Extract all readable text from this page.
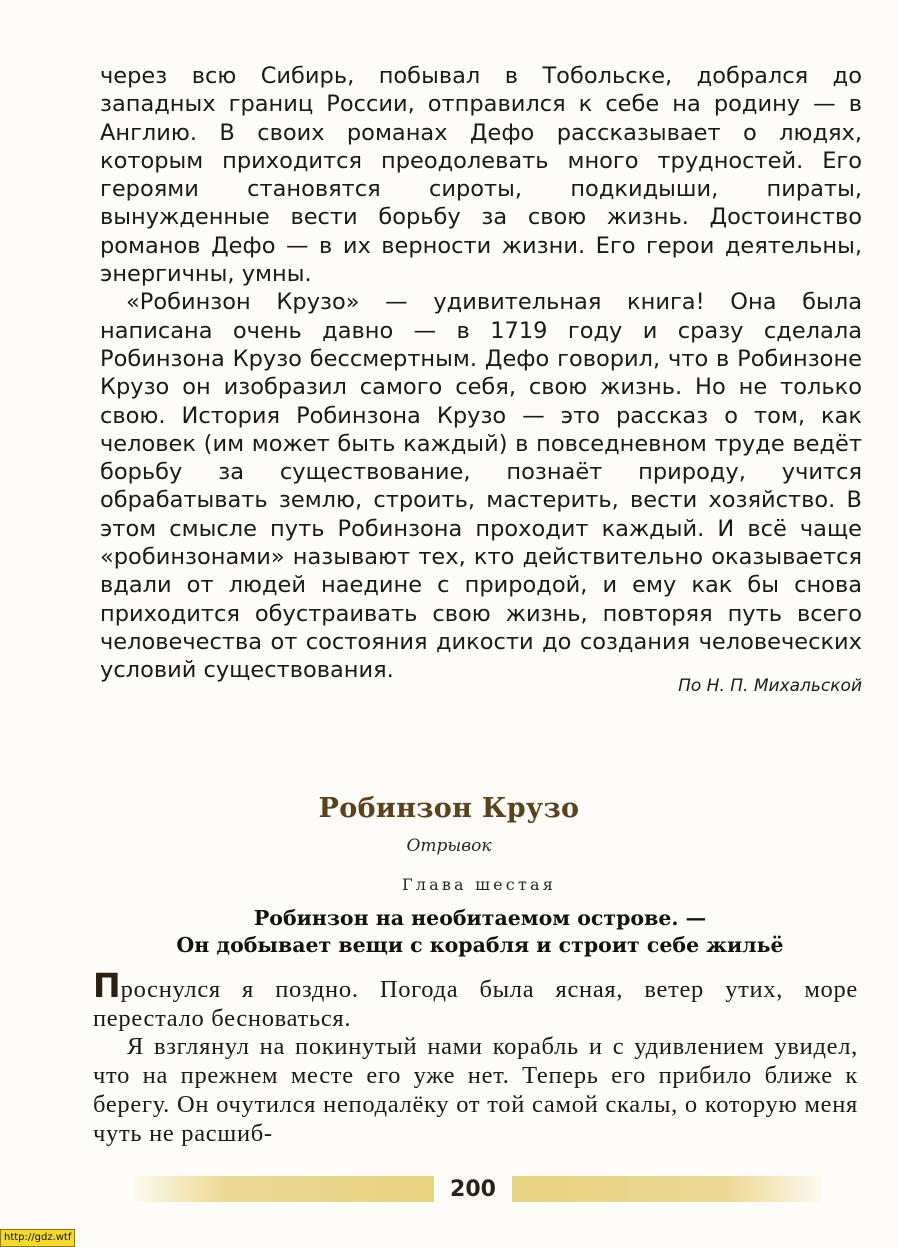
через всю Сибирь, побывал в Тобольске, добрался до западных границ России, отправился к себе на родину — в Англию. В своих романах Дефо рассказывает о людях, которым приходится преодолевать много трудностей. Его героями становятся сироты, подкидыши, пираты, вынужденные вести борьбу за свою жизнь. Достоинство романов Дефо — в их верности жизни. Его герои деятельны, энергичны, умны.

«Робинзон Крузо» — удивительная книга! Она была написана очень давно — в 1719 году и сразу сделала Робинзона Крузо бессмертным. Дефо говорил, что в Робинзоне Крузо он изобразил самого себя, свою жизнь. Но не только свою. История Робинзона Крузо — это рассказ о том, как человек (им может быть каждый) в повседневном труде ведёт борьбу за существование, познаёт природу, учится обрабатывать землю, строить, мастерить, вести хозяйство. В этом смысле путь Робинзона проходит каждый. И всё чаще «робинзонами» называют тех, кто действительно оказывается вдали от людей наедине с природой, и ему как бы снова приходится обустраивать свою жизнь, повторяя путь всего человечества от состояния дикости до создания человеческих условий существования.

По Н. П. Михальской
Робинзон Крузо
Отрывок
Глава шестая
Робинзон на необитаемом острове. —
Он добывает вещи с корабля и строит себе жильё

Проснулся я поздно. Погода была ясная, ветер утих, море перестало бесноваться.

Я взглянул на покинутый нами корабль и с удивлением увидел, что на прежнем месте его уже нет. Теперь его прибило ближе к берегу. Он очутился неподалёку от той самой скалы, о которую меня чуть не расшиб-

200
http://gdz.wtf
